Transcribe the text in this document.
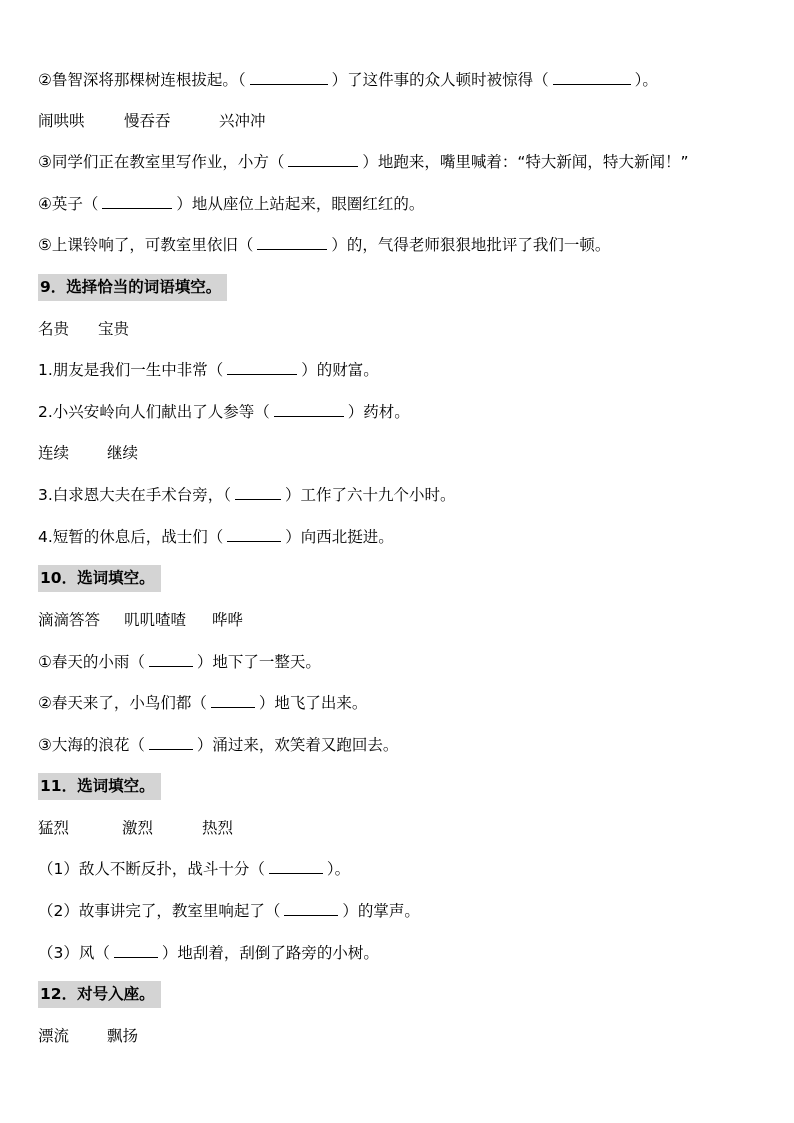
②鲁智深将那棵树连根拔起。（	）了这件事的众人顿时被惊得（	）。
闹哄哄	慢吞吞	兴冲冲
③同学们正在教室里写作业，小方（	）地跑来，嘴里喊着：“特大新闻，特大新闻！”
④英子（	）地从座位上站起来，眼圈红红的。
⑤上课铃响了，可教室里依旧（	）的，气得老师狠狠地批评了我们一顿。
9．选择恰当的词语填空。
名贵 宝贵
1.朋友是我们一生中非常（	）的财富。
2.小兴安岭向人们献出了人参等（	）药材。
连续 继续
3.白求恩大夫在手术台旁，（	）工作了六十九个小时。
4.短暂的休息后，战士们（	）向西北挺进。
10．选词填空。
滴滴答答 叽叽喳喳 哗哗
①春天的小雨（	）地下了一整天。
②春天来了，小鸟们都（	）地飞了出来。
③大海的浪花（	）涌过来，欢笑着又跑回去。
11．选词填空。
猛烈	激烈	热烈
（1）敌人不断反扑，战斗十分（	）。
（2）故事讲完了，教室里响起了（	）的掌声。
（3）风（	）地刮着，刮倒了路旁的小树。
12．对号入座。
漂流 飘扬
